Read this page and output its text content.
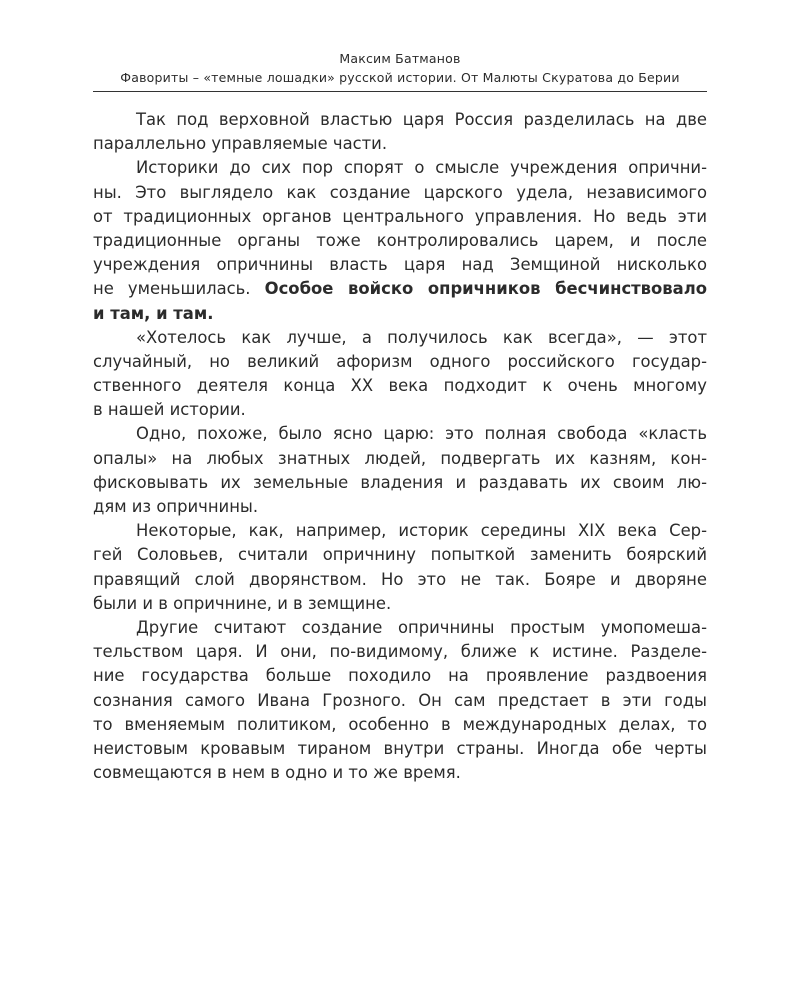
Максим Батманов
Фавориты – «темные лошадки» русской истории. От Малюты Скуратова до Берии
Так под верховной властью царя Россия разделилась на две
параллельно управляемые части.
Историки до сих пор спорят о смысле учреждения опрични-
ны. Это выглядело как создание царского удела, независимого
от традиционных органов центрального управления. Но ведь эти
традиционные органы тоже контролировались царем, и после
учреждения опричнины власть царя над Земщиной нисколько
не уменьшилась. Особое войско опричников бесчинствовало
и там, и там.
«Хотелось как лучше, а получилось как всегда», — этот
случайный, но великий афоризм одного российского государ-
ственного деятеля конца XX века подходит к очень многому
в нашей истории.
Одно, похоже, было ясно царю: это полная свобода «класть
опалы» на любых знатных людей, подвергать их казням, кон-
фисковывать их земельные владения и раздавать их своим лю-
дям из опричнины.
Некоторые, как, например, историк середины XIX века Сер-
гей Соловьев, считали опричнину попыткой заменить боярский
правящий слой дворянством. Но это не так. Бояре и дворяне
были и в опричнине, и в земщине.
Другие считают создание опричнины простым умопомеша-
тельством царя. И они, по-видимому, ближе к истине. Разделе-
ние государства больше походило на проявление раздвоения
сознания самого Ивана Грозного. Он сам предстает в эти годы
то вменяемым политиком, особенно в международных делах, то
неистовым кровавым тираном внутри страны. Иногда обе черты
совмещаются в нем в одно и то же время.
